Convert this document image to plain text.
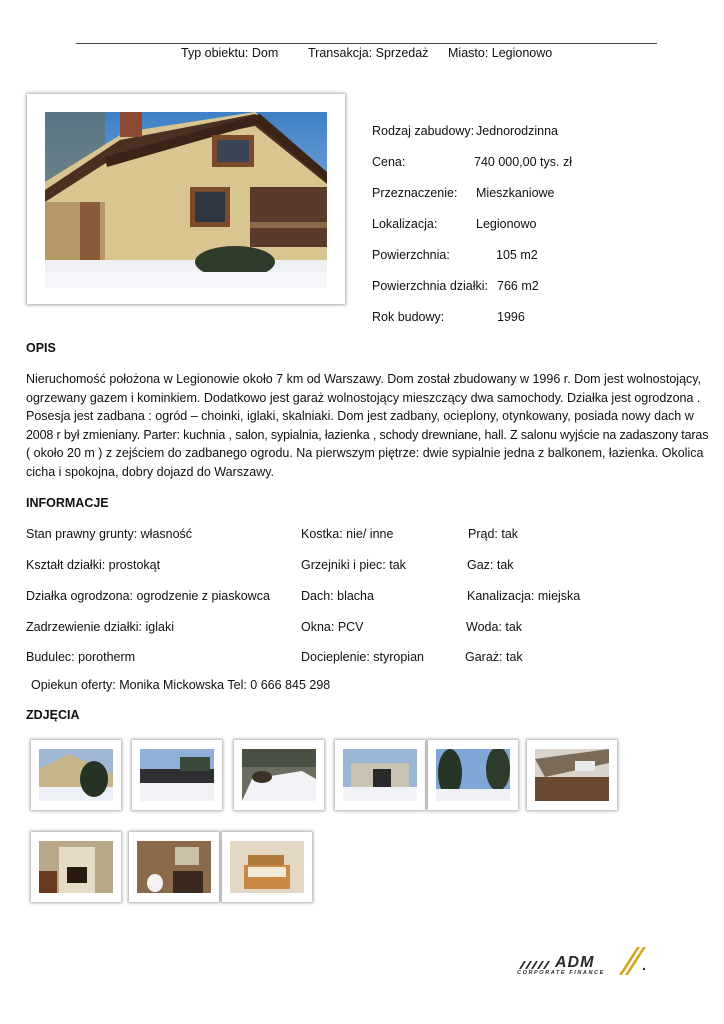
Typ obiektu: Dom Transakcja: Sprzedaż Miasto: Legionowo
Rodzaj zabudowy: Jednorodzinna
Cena:	740 000,00 tys. zł
Przeznaczenie: Mieszkaniowe
Lokalizacja:	Legionowo
Powierzchnia:	105 m2
Powierzchnia działki: 766 m2
Rok budowy:	1996
OPIS
Nieruchomość położona w Legionowie około 7 km od Warszawy. Dom został zbudowany w 1996 r. Dom jest wolnostojący,
ogrzewany gazem i kominkiem. Dodatkowo jest garaż wolnostojący mieszczący dwa samochody. Działka jest ogrodzona .
Posesja jest zadbana : ogród – choinki, iglaki, skalniaki. Dom jest zadbany, ocieplony, otynkowany, posiada nowy dach w
2008 r był zmieniany. Parter: kuchnia , salon, sypialnia, łazienka , schody drewniane, hall. Z salonu wyjście na zadaszony taras
( około 20 m ) z zejściem do zadbanego ogrodu. Na pierwszym piętrze: dwie sypialnie jedna z balkonem, łazienka. Okolica
cicha i spokojna, dobry dojazd do Warszawy.
INFORMACJE
Stan prawny grunty: własność	Kostka: nie/ inne	Prąd: tak
Kształt działki: prostokąt	Grzejniki i piec: tak	Gaz: tak
Działka ogrodzona: ogrodzenie z piaskowca Dach: blacha	Kanalizacja: miejska
Zadrzewienie działki: iglaki	Okna: PCV	Woda: tak
Budulec: porotherm	Docieplenie: styropian	Garaż: tak
Opiekun oferty: Monika Mickowska Tel: 0 666 845 298
ZDJĘCIA
ADM
CORPORATE FINANCE
